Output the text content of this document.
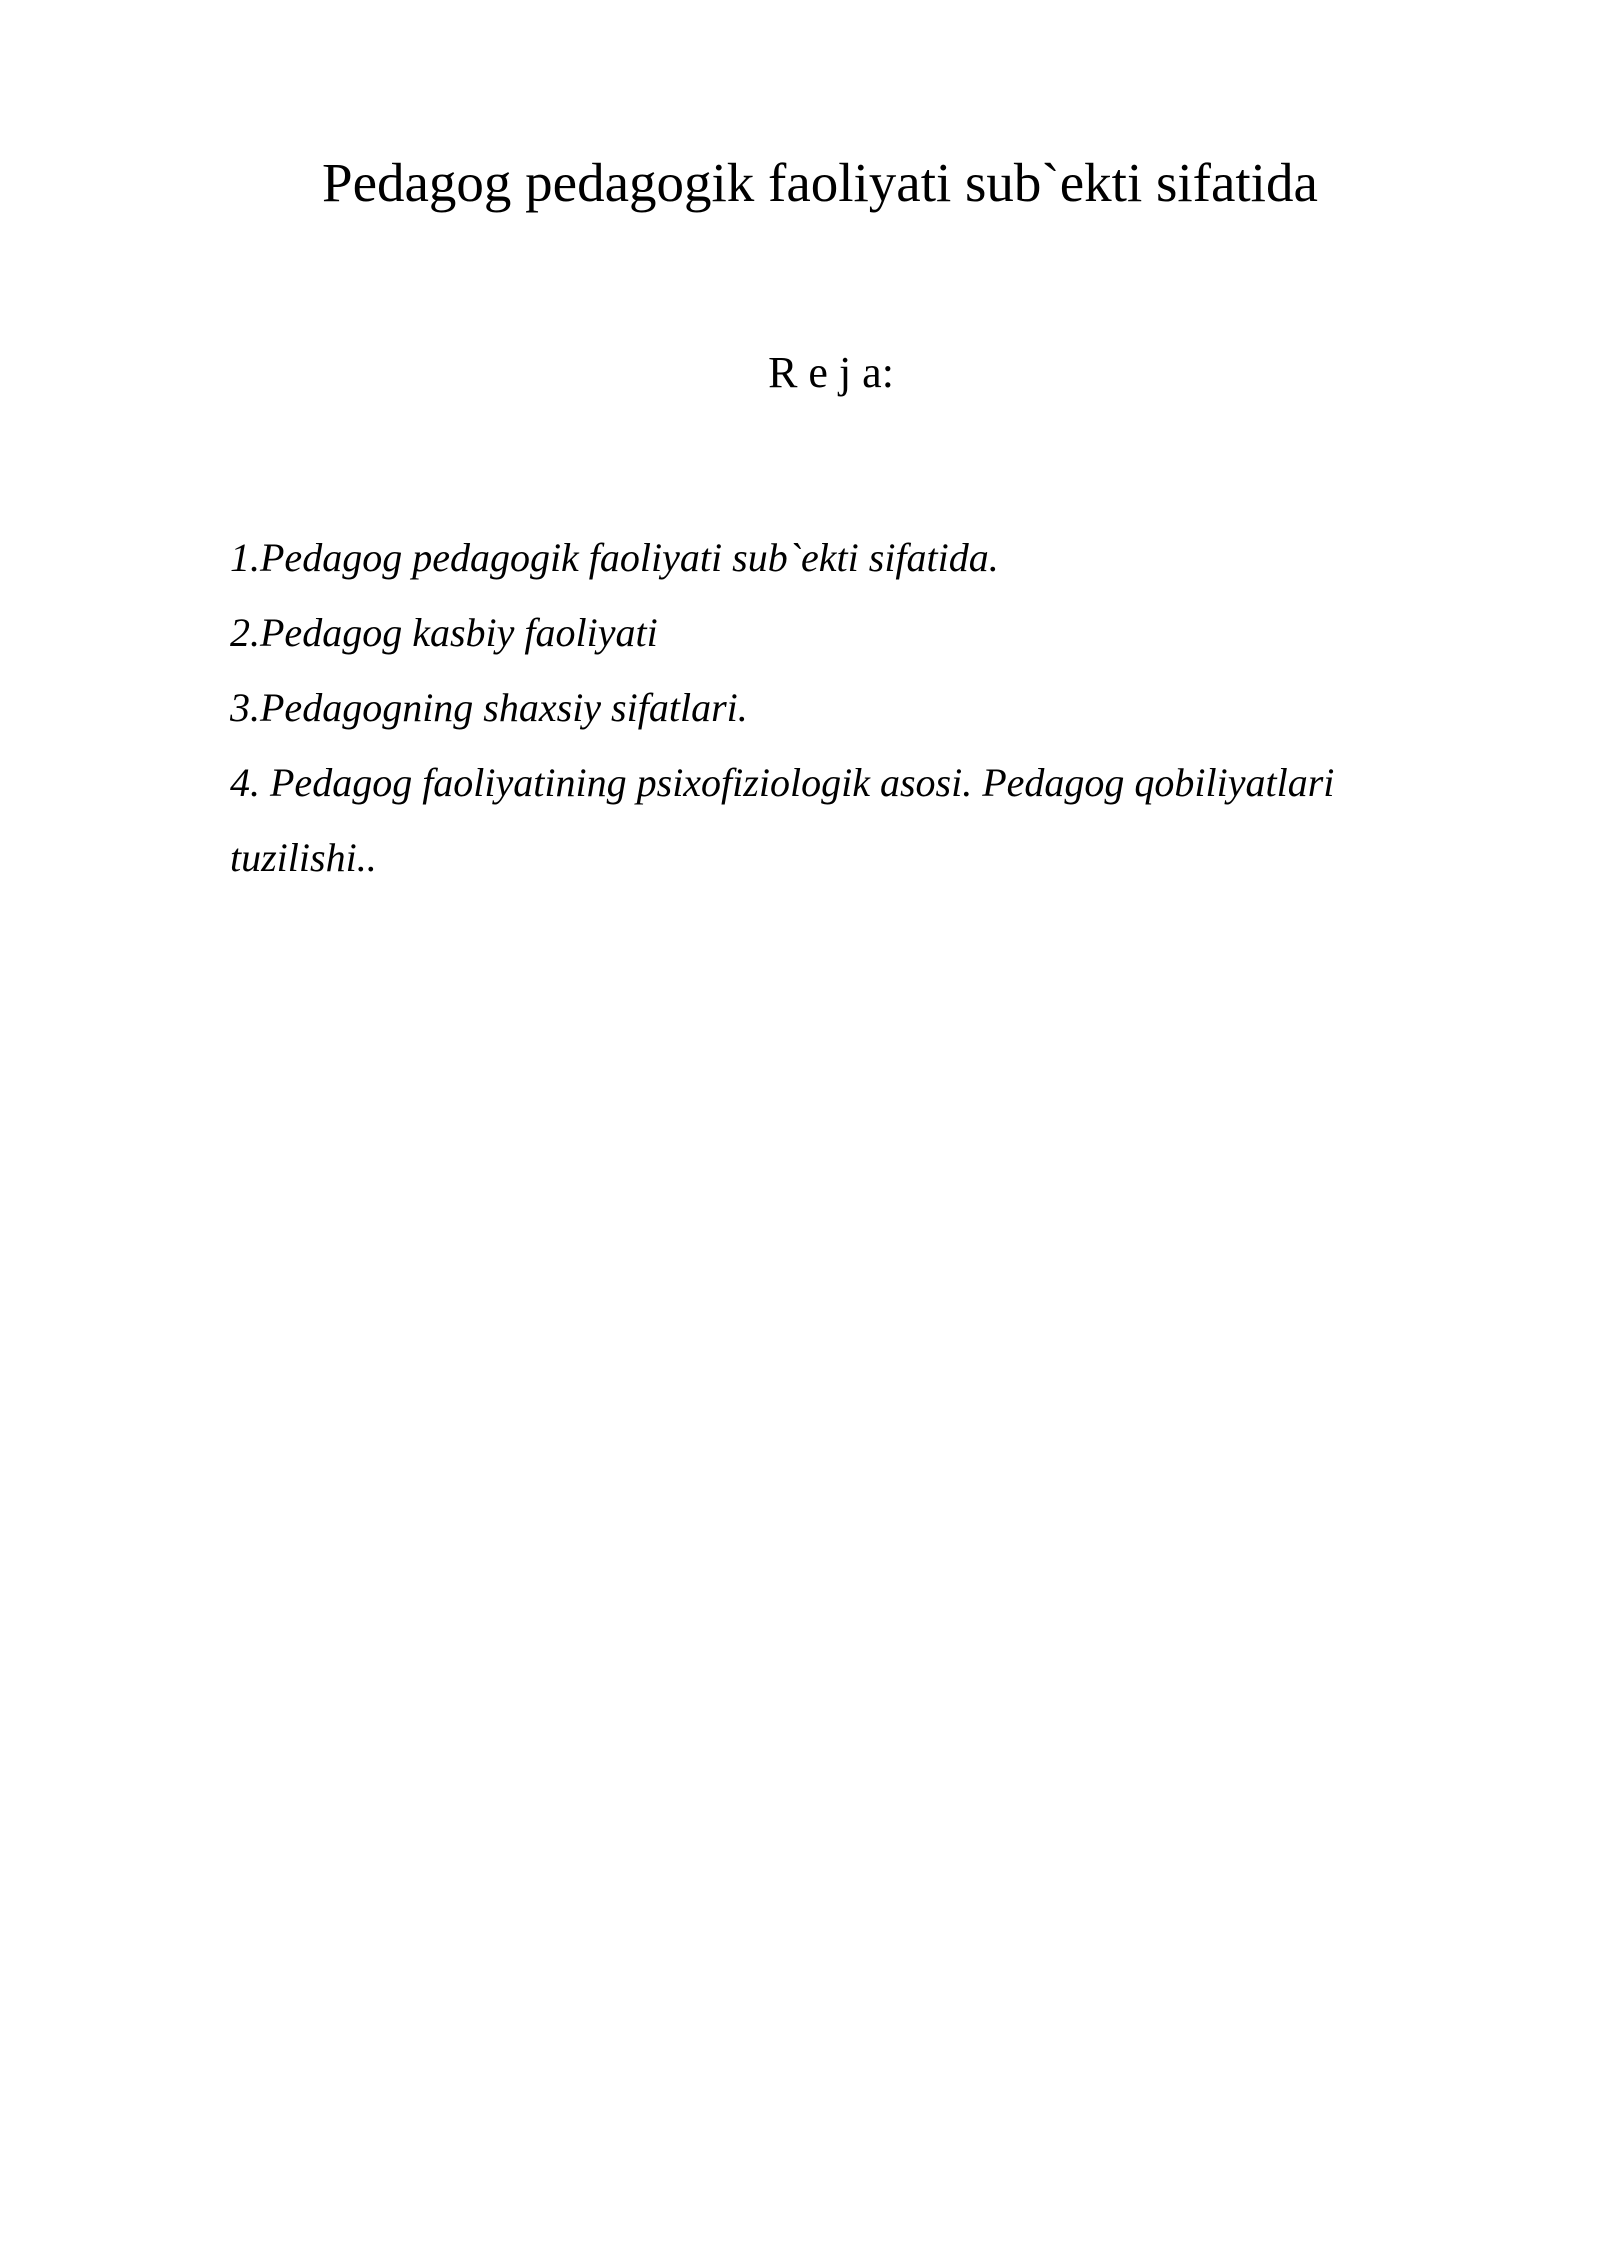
Pedagog pedagogik faoliyati sub`ekti sifatida
R e j a:
1.Pedagog pedagogik faoliyati sub`ekti sifatida.
2.Pedagog kasbiy faoliyati
3.Pedagogning shaxsiy sifatlari.
4. Pedagog faoliyatining psixofiziologik asosi. Pedagog qobiliyatlari
tuzilishi..
